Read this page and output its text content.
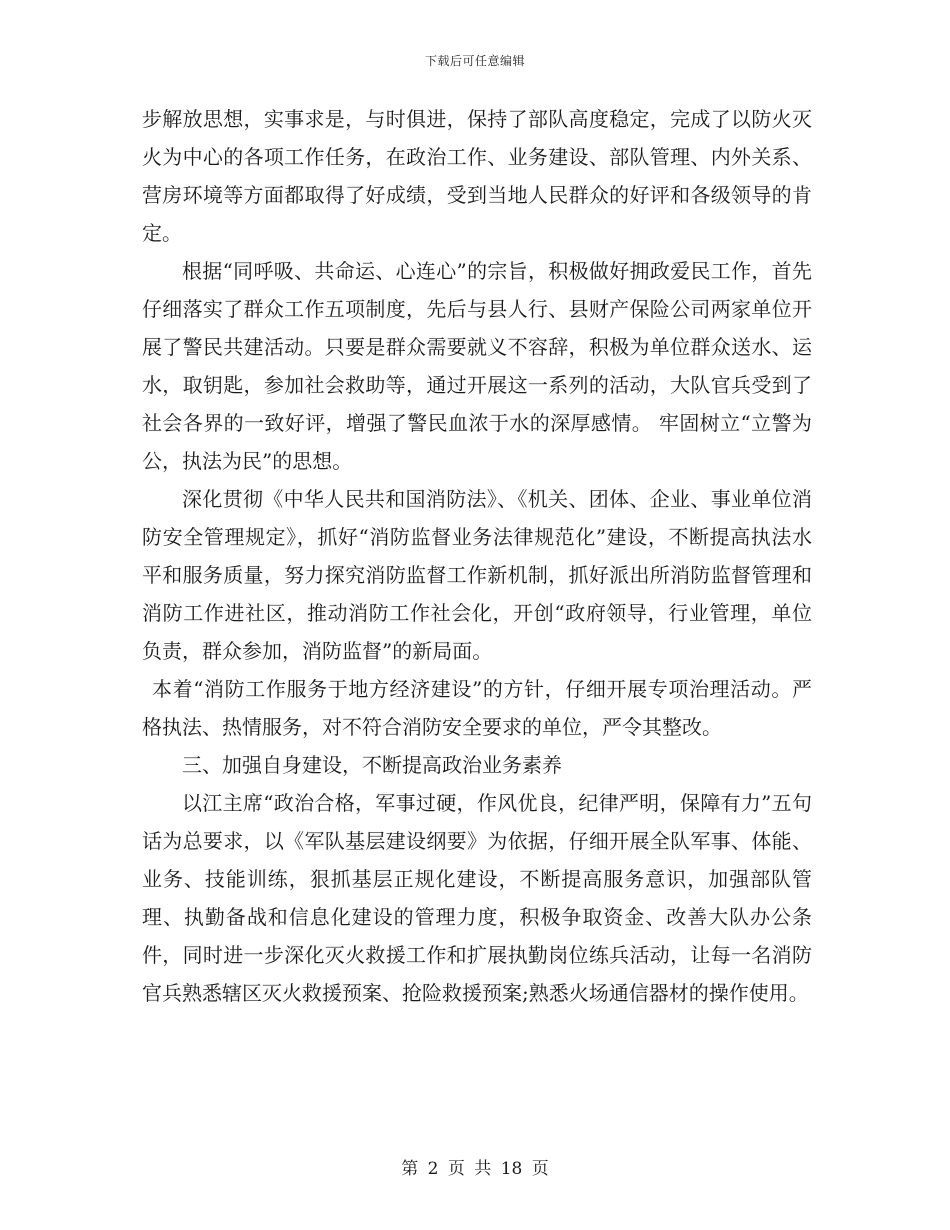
下载后可任意编辑

步解放思想，实事求是，与时俱进，保持了部队高度稳定，完成了以防火灭火为中心的各项工作任务，在政治工作、业务建设、部队管理、内外关系、营房环境等方面都取得了好成绩，受到当地人民群众的好评和各级领导的肯定。

根据“同呼吸、共命运、心连心”的宗旨，积极做好拥政爱民工作，首先仔细落实了群众工作五项制度，先后与县人行、县财产保险公司两家单位开展了警民共建活动。只要是群众需要就义不容辞，积极为单位群众送水、运水，取钥匙，参加社会救助等，通过开展这一系列的活动，大队官兵受到了社会各界的一致好评，增强了警民血浓于水的深厚感情。 牢固树立“立警为公，执法为民”的思想。

深化贯彻《中华人民共和国消防法》、《机关、团体、企业、事业单位消防安全管理规定》，抓好“消防监督业务法律规范化”建设，不断提高执法水平和服务质量，努力探究消防监督工作新机制，抓好派出所消防监督管理和消防工作进社区，推动消防工作社会化，开创“政府领导，行业管理，单位负责，群众参加，消防监督”的新局面。

本着“消防工作服务于地方经济建设”的方针，仔细开展专项治理活动。严格执法、热情服务，对不符合消防安全要求的单位，严令其整改。

三、加强自身建设，不断提高政治业务素养

以江主席“政治合格，军事过硬，作风优良，纪律严明，保障有力”五句话为总要求，以《军队基层建设纲要》为依据，仔细开展全队军事、体能、业务、技能训练，狠抓基层正规化建设，不断提高服务意识，加强部队管理、执勤备战和信息化建设的管理力度，积极争取资金、改善大队办公条件，同时进一步深化灭火救援工作和扩展执勤岗位练兵活动，让每一名消防官兵熟悉辖区灭火救援预案、抢险救援预案;熟悉火场通信器材的操作使用。

第 2 页 共 18 页
